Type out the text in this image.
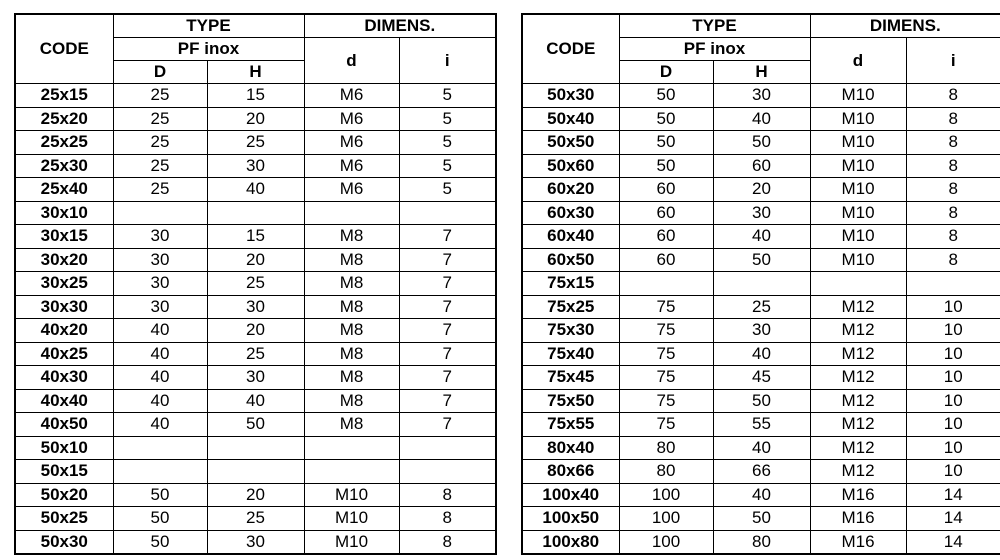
CODE	TYPE		DIMENS.	
	PF inox		d	i
	D	H		
25x15	25	15	M6	5
25x20	25	20	M6	5
25x25	25	25	M6	5
25x30	25	30	M6	5
25x40	25	40	M6	5
30x10				
30x15	30	15	M8	7
30x20	30	20	M8	7
30x25	30	25	M8	7
30x30	30	30	M8	7
40x20	40	20	M8	7
40x25	40	25	M8	7
40x30	40	30	M8	7
40x40	40	40	M8	7
40x50	40	50	M8	7
50x10				
50x15				
50x20	50	20	M10	8
50x25	50	25	M10	8
50x30	50	30	M10	8
CODE	TYPE		DIMENS.	
	PF inox		d	i
	D	H		
50x30	50	30	M10	8
50x40	50	40	M10	8
50x50	50	50	M10	8
50x60	50	60	M10	8
60x20	60	20	M10	8
60x30	60	30	M10	8
60x40	60	40	M10	8
60x50	60	50	M10	8
75x15				
75x25	75	25	M12	10
75x30	75	30	M12	10
75x40	75	40	M12	10
75x45	75	45	M12	10
75x50	75	50	M12	10
75x55	75	55	M12	10
80x40	80	40	M12	10
80x66	80	66	M12	10
100x40	100	40	M16	14
100x50	100	50	M16	14
100x80	100	80	M16	14
